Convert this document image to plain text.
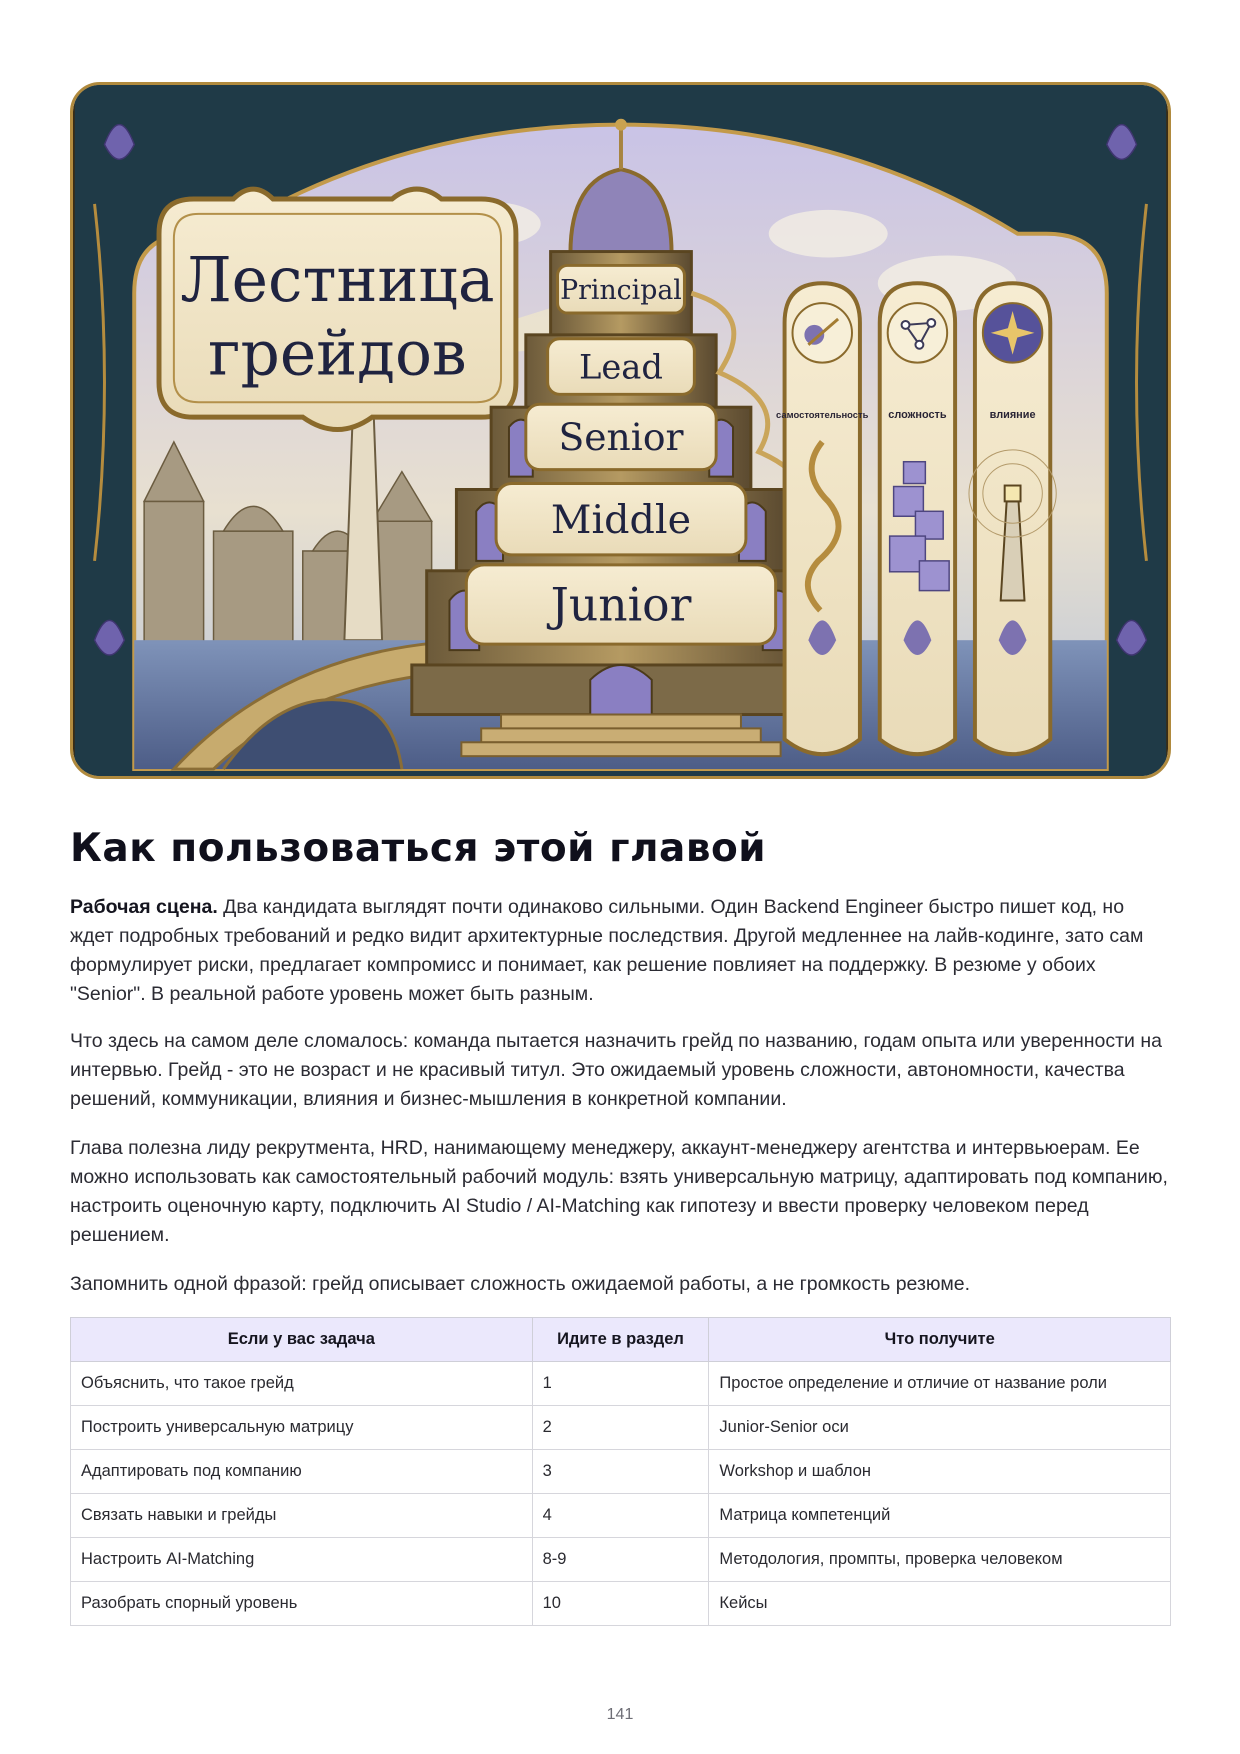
Лестница
грейдов
Principal
Lead
Senior
Middle
Junior
самостоятельность сложность	влияние
Как пользоваться этой главой

Рабочая сцена. Два кандидата выглядят почти одинаково сильными. Один Backend Engineer быстро пишет код, но ждет подробных требований и редко видит архитектурные последствия. Другой медленнее на лайв-кодинге, зато сам формулирует риски, предлагает компромисс и понимает, как решение повлияет на поддержку. В резюме у обоих "Senior". В реальной работе уровень может быть разным.

Что здесь на самом деле сломалось: команда пытается назначить грейд по названию, годам опыта или уверенности на интервью. Грейд - это не возраст и не красивый титул. Это ожидаемый уровень сложности, автономности, качества решений, коммуникации, влияния и бизнес-мышления в конкретной компании.

Глава полезна лиду рекрутмента, HRD, нанимающему менеджеру, аккаунт-менеджеру агентства и интервьюерам. Ее можно использовать как самостоятельный рабочий модуль: взять универсальную матрицу, адаптировать под компанию, настроить оценочную карту, подключить AI Studio / AI-Matching как гипотезу и ввести проверку человеком перед решением.

Запомнить одной фразой: грейд описывает сложность ожидаемой работы, а не громкость резюме.

Если у вас задача	Идите в раздел	Что получите
Объяснить, что такое грейд	1	Простое определение и отличие от название роли
Построить универсальную матрицу	2	Junior-Senior оси
Адаптировать под компанию	3	Workshop и шаблон
Связать навыки и грейды	4	Матрица компетенций
Настроить AI-Matching	8-9	Методология, промпты, проверка человеком
Разобрать спорный уровень	10	Кейсы
141
